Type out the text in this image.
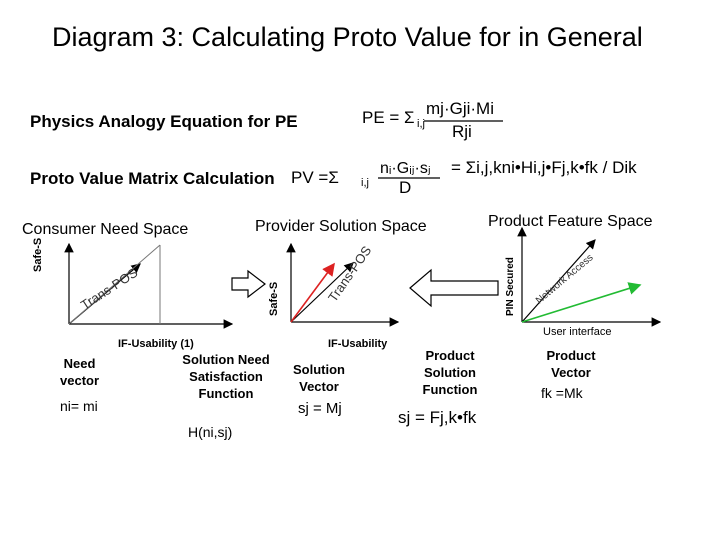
Diagram 3: Calculating Proto Value for in General
Physics Analogy Equation for PE	PE = Σ i,j
mj·Gji·Mi
Rji
Proto Value Matrix Calculation PV =Σ i,j
nᵢ·Gᵢⱼ·sⱼ
D
= Σi,j,kni•Hi,j•Fj,k•fk / Dik
Consumer Need Space	Provider Solution Space	Product Feature Space
Safe-S
Safe-S	PIN Secured
Trans-POS	Trans-POS	Network Access
IF-Usability (1)	IF-Usability
User interface
Need
vector
ni= mi
Solution Need
Satisfaction
Function
H(ni,sj)
Solution
Vector
sj = Mj
Product
Solution
Function
sj = Fj,k•fk
Product
Vector
fk =Mk
